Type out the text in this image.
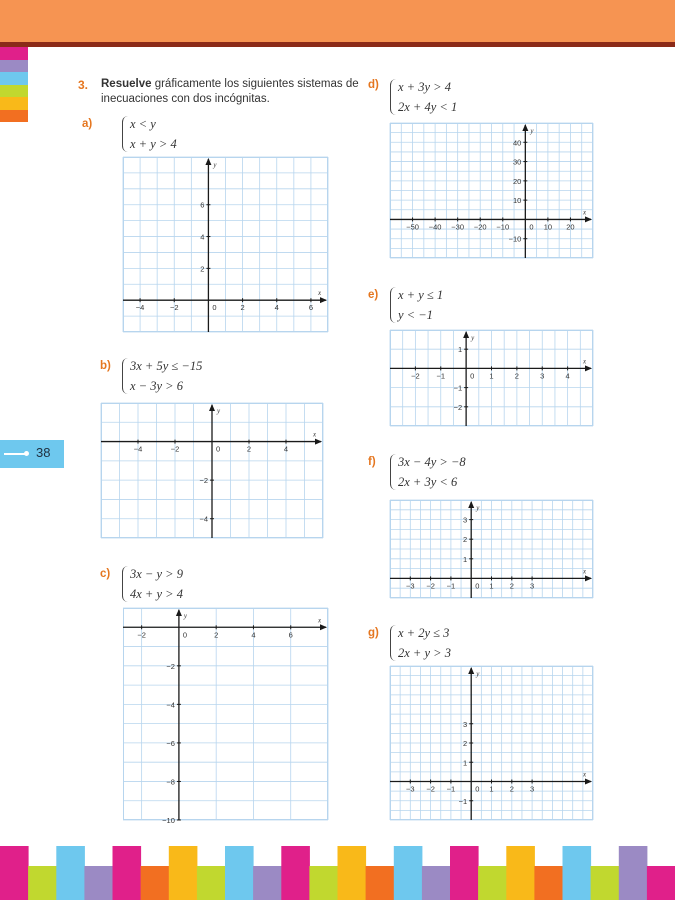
3. Resuelve gráficamente los siguientes sistemas de inecuaciones con dos incógnitas.
38
a)	x < y
x + y > 4
−4	−2	2	4	6
2
4
6
0
x
y
b) 3x + 5y ≤ −15
x − 3y > 6
−4	−2	2	4
−2
−4
0
x
y
c) 3x − y > 9
4x + y > 4
−2	2	4	6
−2
−4
−6
−8
−10
0
x
y
d) x + 3y > 4
2x + 4y < 1
−50 −40 −30 −20 −10	10 20
10
20
30
40
−10
0
x
y
e) x + y ≤ 1
y < −1
−2 −1	1	2	3	4
1
−1
−2
0
x
y
f) 3x − 4y > −8
2x + 3y < 6
−3 −2 −1	1 2 3
1
2
3
0
x
y
g) x + 2y ≤ 3
2x + y > 3
−3 −2 −1	1 2 3
1
2
3
−1
0
x
y
